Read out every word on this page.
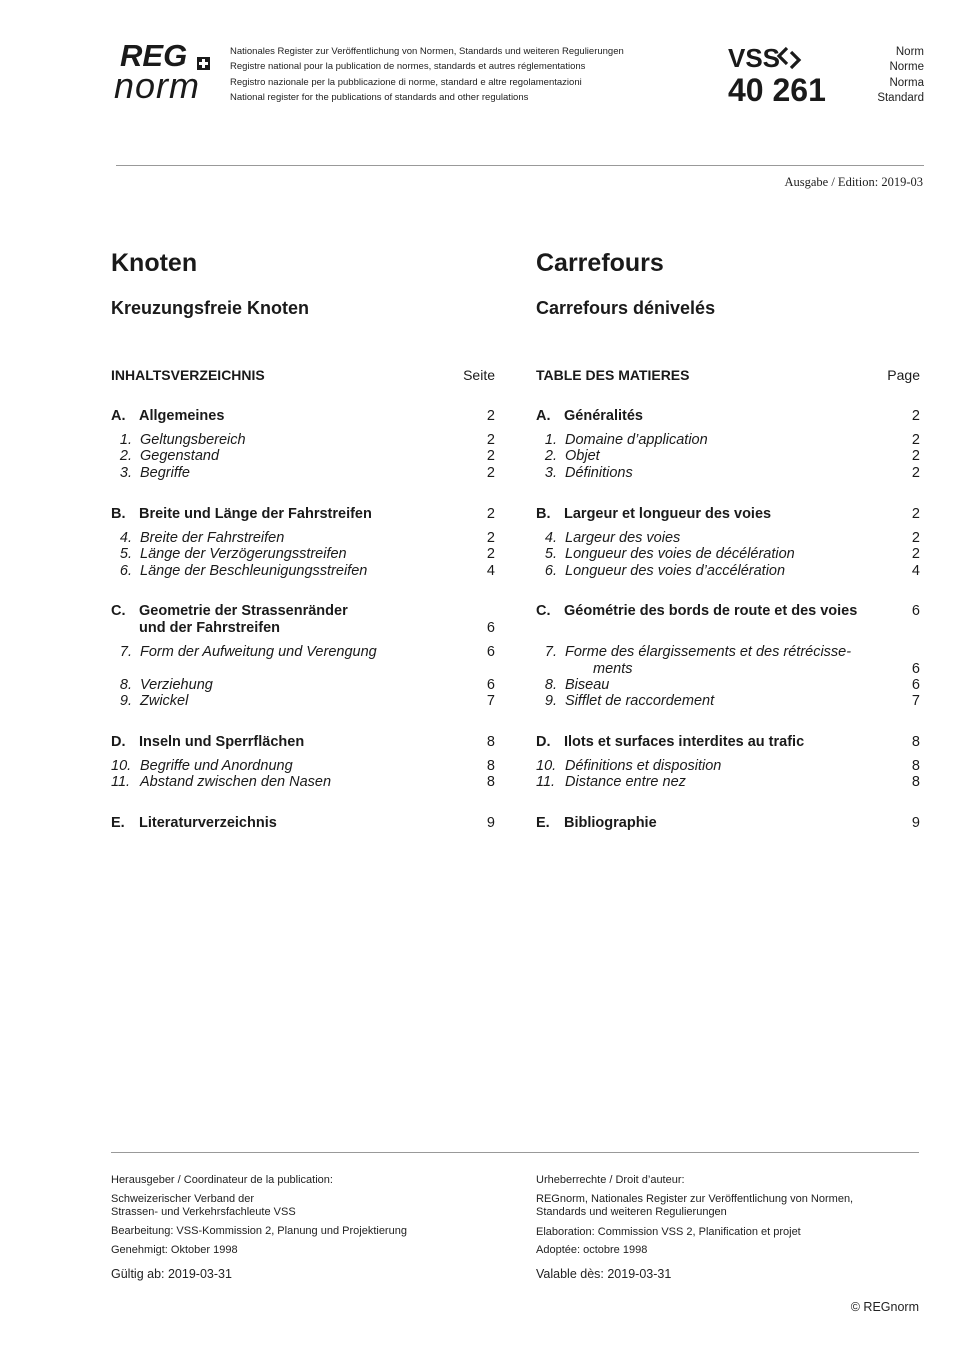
REG
norm
Nationales Register zur Veröffentlichung von Normen, Standards und weiteren Regulierungen
Registre national pour la publication de normes, standards et autres réglementations
Registro nazionale per la pubblicazione di norme, standard e altre regolamentazioni
National register for the publications of standards and other regulations
VSS
40 261
Norm
Norme
Norma
Standard
Ausgabe / Edition: 2019-03
Knoten
Kreuzungsfreie Knoten
INHALTSVERZEICHNIS	Seite
A. Allgemeines	2
1. Geltungsbereich	2
2. Gegenstand	2
3. Begriffe	2
B. Breite und Länge der Fahrstreifen	2
4. Breite der Fahrstreifen	2
5. Länge der Verzögerungsstreifen	2
6. Länge der Beschleunigungsstreifen	4
C. Geometrie der Strassenränder
und der Fahrstreifen	6
7. Form der Aufweitung und Verengung	6
8. Verziehung	6
9. Zwickel	7
D. Inseln und Sperrflächen	8
10. Begriffe und Anordnung	8
11. Abstand zwischen den Nasen	8
E. Literaturverzeichnis	9
Carrefours
Carrefours dénivelés
TABLE DES MATIERES	Page
A. Généralités	2
1. Domaine d’application	2
2. Objet	2
3. Définitions	2
B. Largeur et longueur des voies	2
4. Largeur des voies	2
5. Longueur des voies de décélération	2
6. Longueur des voies d’accélération	4
C. Géométrie des bords de route et des voies	6
7. Forme des élargissements et des rétrécisse-
ments	6
8. Biseau	6
9. Sifflet de raccordement	7
D. Ilots et surfaces interdites au trafic	8
10. Définitions et disposition	8
11. Distance entre nez	8
E. Bibliographie	9
Herausgeber / Coordinateur de la publication:
Schweizerischer Verband der
Strassen- und Verkehrsfachleute VSS
Bearbeitung: VSS-Kommission 2, Planung und Projektierung
Genehmigt: Oktober 1998
Gültig ab: 2019-03-31
Urheberrechte / Droit d’auteur:
REGnorm, Nationales Register zur Veröffentlichung von Normen,
Standards und weiteren Regulierungen
Elaboration: Commission VSS 2, Planification et projet
Adoptée: octobre 1998
Valable dès: 2019-03-31
© REGnorm
